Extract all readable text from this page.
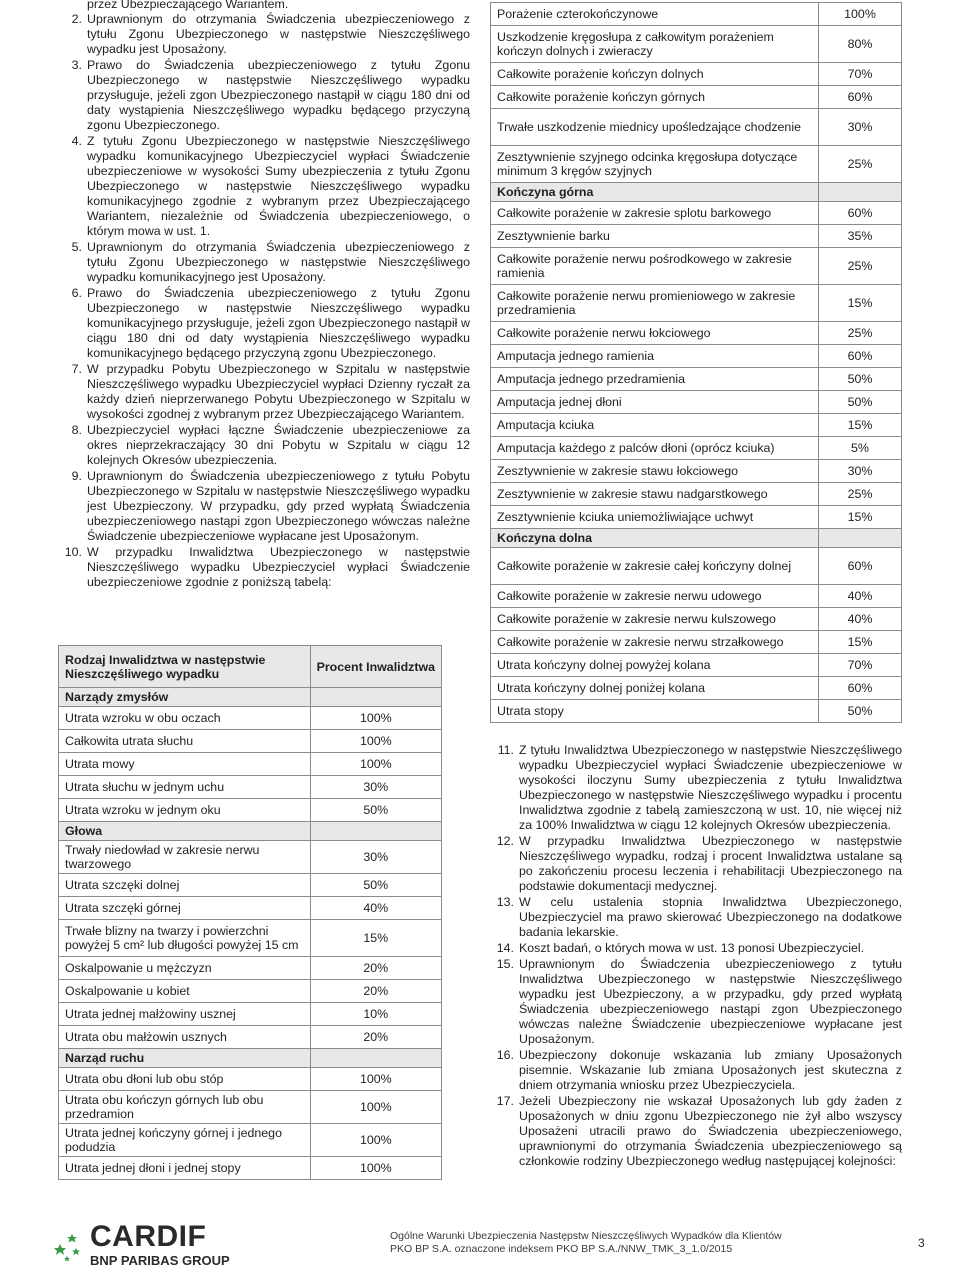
przez Ubezpieczającego Wariantem.
2. Uprawnionym do otrzymania Świadczenia ubezpieczeniowego z tytułu Zgonu Ubezpieczonego w następstwie Nieszczęśliwego wypadku jest Uposażony.
3. Prawo do Świadczenia ubezpieczeniowego z tytułu Zgonu Ubezpieczonego w następstwie Nieszczęśliwego wypadku przysługuje, jeżeli zgon Ubezpieczonego nastąpił w ciągu 180 dni od daty wystąpienia Nieszczęśliwego wypadku będącego przyczyną zgonu Ubezpieczonego.
4. Z tytułu Zgonu Ubezpieczonego w następstwie Nieszczęśliwego wypadku komunikacyjnego Ubezpieczyciel wypłaci Świadczenie ubezpieczeniowe w wysokości Sumy ubezpieczenia z tytułu Zgonu Ubezpieczonego w następstwie Nieszczęśliwego wypadku komunikacyjnego zgodnie z wybranym przez Ubezpieczającego Wariantem, niezależnie od Świadczenia ubezpieczeniowego, o którym mowa w ust. 1.
5. Uprawnionym do otrzymania Świadczenia ubezpieczeniowego z tytułu Zgonu Ubezpieczonego w następstwie Nieszczęśliwego wypadku komunikacyjnego jest Uposażony.
6. Prawo do Świadczenia ubezpieczeniowego z tytułu Zgonu Ubezpieczonego w następstwie Nieszczęśliwego wypadku komunikacyjnego przysługuje, jeżeli zgon Ubezpieczonego nastąpił w ciągu 180 dni od daty wystąpienia Nieszczęśliwego wypadku komunikacyjnego będącego przyczyną zgonu Ubezpieczonego.
7. W przypadku Pobytu Ubezpieczonego w Szpitalu w następstwie Nieszczęśliwego wypadku Ubezpieczyciel wypłaci Dzienny ryczałt za każdy dzień nieprzerwanego Pobytu Ubezpieczonego w Szpitalu w wysokości zgodnej z wybranym przez Ubezpieczającego Wariantem.
8. Ubezpieczyciel wypłaci łączne Świadczenie ubezpieczeniowe za okres nieprzekraczający 30 dni Pobytu w Szpitalu w ciągu 12 kolejnych Okresów ubezpieczenia.
9. Uprawnionym do Świadczenia ubezpieczeniowego z tytułu Pobytu Ubezpieczonego w Szpitalu w następstwie Nieszczęśliwego wypadku jest Ubezpieczony. W przypadku, gdy przed wypłatą Świadczenia ubezpieczeniowego nastąpi zgon Ubezpieczonego wówczas należne Świadczenie ubezpieczeniowe wypłacane jest Uposażonym.
10. W przypadku Inwalidztwa Ubezpieczonego w następstwie Nieszczęśliwego wypadku Ubezpieczyciel wypłaci Świadczenie ubezpieczeniowe zgodnie z poniższą tabelą:
Rodzaj Inwalidztwa w następstwie Nieszczęśliwego wypadku	Procent Inwalidztwa
Narządy zmysłów	
Utrata wzroku w obu oczach	100%
Całkowita utrata słuchu	100%
Utrata mowy	100%
Utrata słuchu w jednym uchu	30%
Utrata wzroku w jednym oku	50%
Głowa	
Trwały niedowład w zakresie nerwu twarzowego	30%
Utrata szczęki dolnej	50%
Utrata szczęki górnej	40%
Trwałe blizny na twarzy i powierzchni powyżej 5 cm² lub długości powyżej 15 cm	15%
Oskalpowanie u mężczyzn	20%
Oskalpowanie u kobiet	20%
Utrata jednej małżowiny usznej	10%
Utrata obu małżowin usznych	20%
Narząd ruchu	
Utrata obu dłoni lub obu stóp	100%
Utrata obu kończyn górnych lub obu przedramion	100%
Utrata jednej kończyny górnej i jednego podudzia	100%
Utrata jednej dłoni i jednej stopy	100%
Porażenie czterokończynowe	100%
Uszkodzenie kręgosłupa z całkowitym porażeniem kończyn dolnych i zwieraczy	80%
Całkowite porażenie kończyn dolnych	70%
Całkowite porażenie kończyn górnych	60%
Trwałe uszkodzenie miednicy upośledzające chodzenie	30%
Zesztywnienie szyjnego odcinka kręgosłupa dotyczące minimum 3 kręgów szyjnych	25%
Kończyna górna	
Całkowite porażenie w zakresie splotu barkowego	60%
Zesztywnienie barku	35%
Całkowite porażenie nerwu pośrodkowego w zakresie ramienia	25%
Całkowite porażenie nerwu promieniowego w zakresie przedramienia	15%
Całkowite porażenie nerwu łokciowego	25%
Amputacja jednego ramienia	60%
Amputacja jednego przedramienia	50%
Amputacja jednej dłoni	50%
Amputacja kciuka	15%
Amputacja każdego z palców dłoni (oprócz kciuka)	5%
Zesztywnienie w zakresie stawu łokciowego	30%
Zesztywnienie w zakresie stawu nadgarstkowego	25%
Zesztywnienie kciuka uniemożliwiające uchwyt	15%
Kończyna dolna	
Całkowite porażenie w zakresie całej kończyny dolnej	60%
Całkowite porażenie w zakresie nerwu udowego	40%
Całkowite porażenie w zakresie nerwu kulszowego	40%
Całkowite porażenie w zakresie nerwu strzałkowego	15%
Utrata kończyny dolnej powyżej kolana	70%
Utrata kończyny dolnej poniżej kolana	60%
Utrata stopy	50%
11. Z tytułu Inwalidztwa Ubezpieczonego w następstwie Nieszczęśliwego wypadku Ubezpieczyciel wypłaci Świadczenie ubezpieczeniowe w wysokości iloczynu Sumy ubezpieczenia z tytułu Inwalidztwa Ubezpieczonego w następstwie Nieszczęśliwego wypadku i procentu Inwalidztwa zgodnie z tabelą zamieszczoną w ust. 10, nie więcej niż za 100% Inwalidztwa w ciągu 12 kolejnych Okresów ubezpieczenia.
12. W przypadku Inwalidztwa Ubezpieczonego w następstwie Nieszczęśliwego wypadku, rodzaj i procent Inwalidztwa ustalane są po zakończeniu procesu leczenia i rehabilitacji Ubezpieczonego na podstawie dokumentacji medycznej.
13. W celu ustalenia stopnia Inwalidztwa Ubezpieczonego, Ubezpieczyciel ma prawo skierować Ubezpieczonego na dodatkowe badania lekarskie.
14. Koszt badań, o których mowa w ust. 13 ponosi Ubezpieczyciel.
15. Uprawnionym do Świadczenia ubezpieczeniowego z tytułu Inwalidztwa Ubezpieczonego w następstwie Nieszczęśliwego wypadku jest Ubezpieczony, a w przypadku, gdy przed wypłatą Świadczenia ubezpieczeniowego nastąpi zgon Ubezpieczonego wówczas należne Świadczenie ubezpieczeniowe wypłacane jest Uposażonym.
16. Ubezpieczony dokonuje wskazania lub zmiany Uposażonych pisemnie. Wskazanie lub zmiana Uposażonych jest skuteczna z dniem otrzymania wniosku przez Ubezpieczyciela.
17. Jeżeli Ubezpieczony nie wskazał Uposażonych lub gdy żaden z Uposażonych w dniu zgonu Ubezpieczonego nie żył albo wszyscy Uposażeni utracili prawo do Świadczenia ubezpieczeniowego, uprawnionymi do otrzymania Świadczenia ubezpieczeniowego są członkowie rodziny Ubezpieczonego według następującej kolejności:
CARDIF
BNP PARIBAS GROUP
Ogólne Warunki Ubezpieczenia Następstw Nieszczęśliwych Wypadków dla Klientów
PKO BP S.A. oznaczone indeksem PKO BP S.A./NNW_TMK_3_1.0/2015	3
